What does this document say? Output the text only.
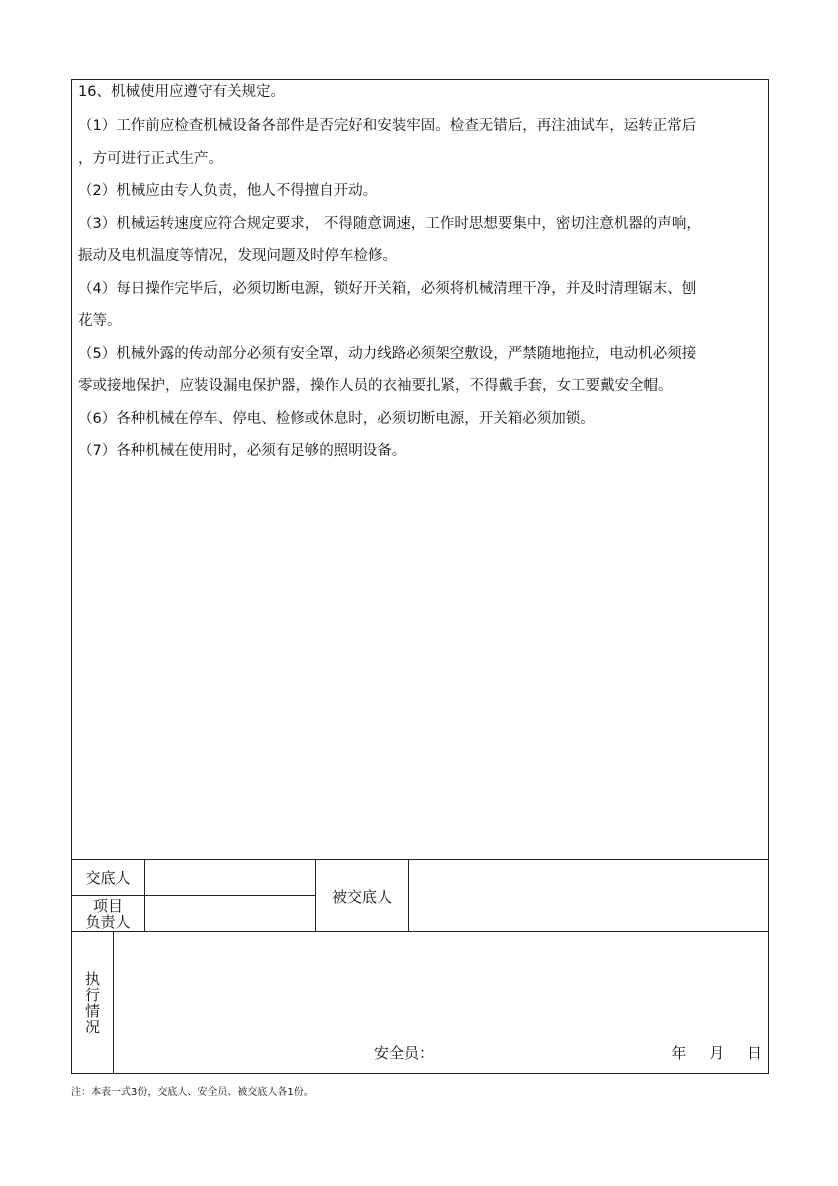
16、机械使用应遵守有关规定。

（1）工作前应检查机械设备各部件是否完好和安装牢固。检查无错后，再注油试车，运转正常后

，方可进行正式生产。

（2）机械应由专人负责，他人不得擅自开动。

（3）机械运转速度应符合规定要求， 不得随意调速，工作时思想要集中，密切注意机器的声响，

振动及电机温度等情况，发现问题及时停车检修。

（4）每日操作完毕后，必须切断电源，锁好开关箱，必须将机械清理干净，并及时清理锯末、刨

花等。

（5）机械外露的传动部分必须有安全罩，动力线路必须架空敷设，严禁随地拖拉，电动机必须接

零或接地保护，应装设漏电保护器，操作人员的衣袖要扎紧，不得戴手套，女工要戴安全帽。

（6）各种机械在停车、停电、检修或休息时，必须切断电源，开关箱必须加锁。

（7）各种机械在使用时，必须有足够的照明设备。

交底人
项目
负责人
被交底人
执
行
情
况
安全员：	年 月 日
注：本表一式3份，交底人、安全员、被交底人各1份。
